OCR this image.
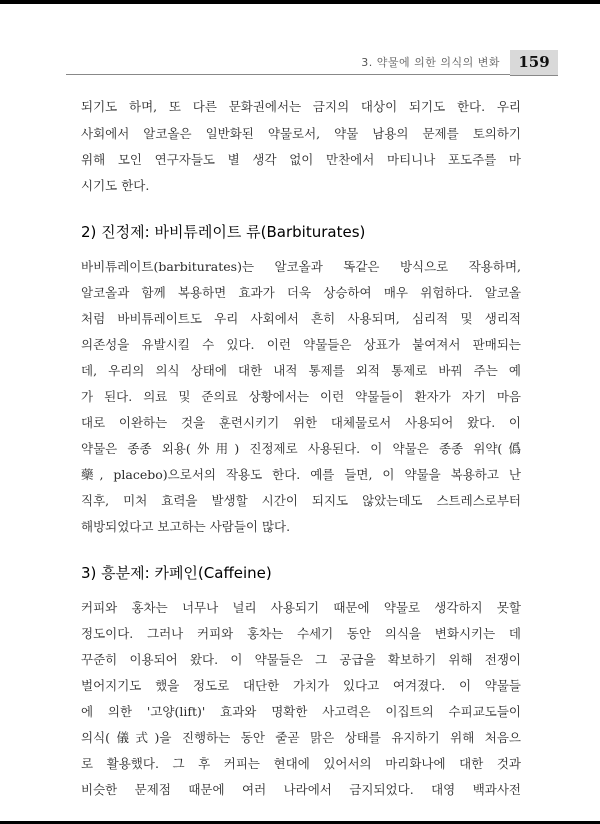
3. 약물에 의한 의식의 변화	159
되기도 하며, 또 다른 문화권에서는 금지의 대상이 되기도 한다. 우리
사회에서 알코올은 일반화된 약물로서, 약물 남용의 문제를 토의하기
위해 모인 연구자들도 별 생각 없이 만찬에서 마티니나 포도주를 마
시기도 한다.
2) 진정제: 바비튜레이트 류(Barbiturates)
바비튜레이트(barbiturates)는 알코올과 똑같은 방식으로 작용하며,
알코올과 함께 복용하면 효과가 더욱 상승하여 매우 위험하다. 알코올
처럼 바비튜레이트도 우리 사회에서 흔히 사용되며, 심리적 및 생리적
의존성을 유발시킬 수 있다. 이런 약물들은 상표가 붙여져서 판매되는
데, 우리의 의식 상태에 대한 내적 통제를 외적 통제로 바꿔 주는 예
가 된다. 의료 및 준의료 상황에서는 이런 약물들이 환자가 자기 마음
대로 이완하는 것을 훈련시키기 위한 대체물로서 사용되어 왔다. 이
약물은 종종 외용(外用) 진정제로 사용된다. 이 약물은 종종 위약(僞
藥, placebo)으로서의 작용도 한다. 예를 들면, 이 약물을 복용하고 난
직후, 미처 효력을 발생할 시간이 되지도 않았는데도 스트레스로부터
해방되었다고 보고하는 사람들이 많다.
3) 흥분제: 카페인(Caffeine)
커피와 홍차는 너무나 널리 사용되기 때문에 약물로 생각하지 못할
정도이다. 그러나 커피와 홍차는 수세기 동안 의식을 변화시키는 데
꾸준히 이용되어 왔다. 이 약물들은 그 공급을 확보하기 위해 전쟁이
벌어지기도 했을 정도로 대단한 가치가 있다고 여겨졌다. 이 약물들
에 의한 '고양(lift)' 효과와 명확한 사고력은 이집트의 수피교도들이
의식(儀式)을 진행하는 동안 줄곧 맑은 상태를 유지하기 위해 처음으
로 활용했다. 그 후 커피는 현대에 있어서의 마리화나에 대한 것과
비슷한 문제점 때문에 여러 나라에서 금지되었다. 대영 백과사전
